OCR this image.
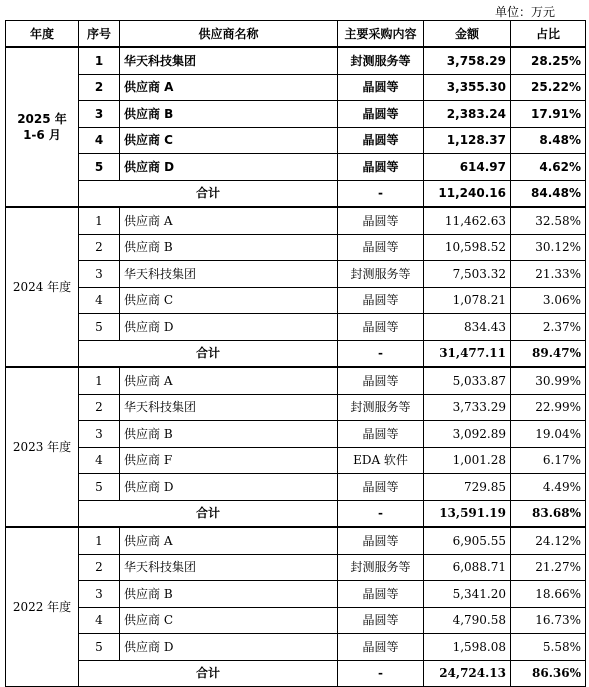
单位：万元
年度	序号	供应商名称	主要采购内容	金额	占比
2025 年 1-6 月	1	华天科技集团	封测服务等	3,758.29	28.25%
	2	供应商 A	晶圆等	3,355.30	25.22%
	3	供应商 B	晶圆等	2,383.24	17.91%
	4	供应商 C	晶圆等	1,128.37	8.48%
	5	供应商 D	晶圆等	614.97	4.62%
	合计		-	11,240.16	84.48%
2024 年度	1	供应商 A	晶圆等	11,462.63	32.58%
	2	供应商 B	晶圆等	10,598.52	30.12%
	3	华天科技集团	封测服务等	7,503.32	21.33%
	4	供应商 C	晶圆等	1,078.21	3.06%
	5	供应商 D	晶圆等	834.43	2.37%
	合计		-	31,477.11	89.47%
2023 年度	1	供应商 A	晶圆等	5,033.87	30.99%
	2	华天科技集团	封测服务等	3,733.29	22.99%
	3	供应商 B	晶圆等	3,092.89	19.04%
	4	供应商 F	EDA 软件	1,001.28	6.17%
	5	供应商 D	晶圆等	729.85	4.49%
	合计		-	13,591.19	83.68%
2022 年度	1	供应商 A	晶圆等	6,905.55	24.12%
	2	华天科技集团	封测服务等	6,088.71	21.27%
	3	供应商 B	晶圆等	5,341.20	18.66%
	4	供应商 C	晶圆等	4,790.58	16.73%
	5	供应商 D	晶圆等	1,598.08	5.58%
	合计		-	24,724.13	86.36%
